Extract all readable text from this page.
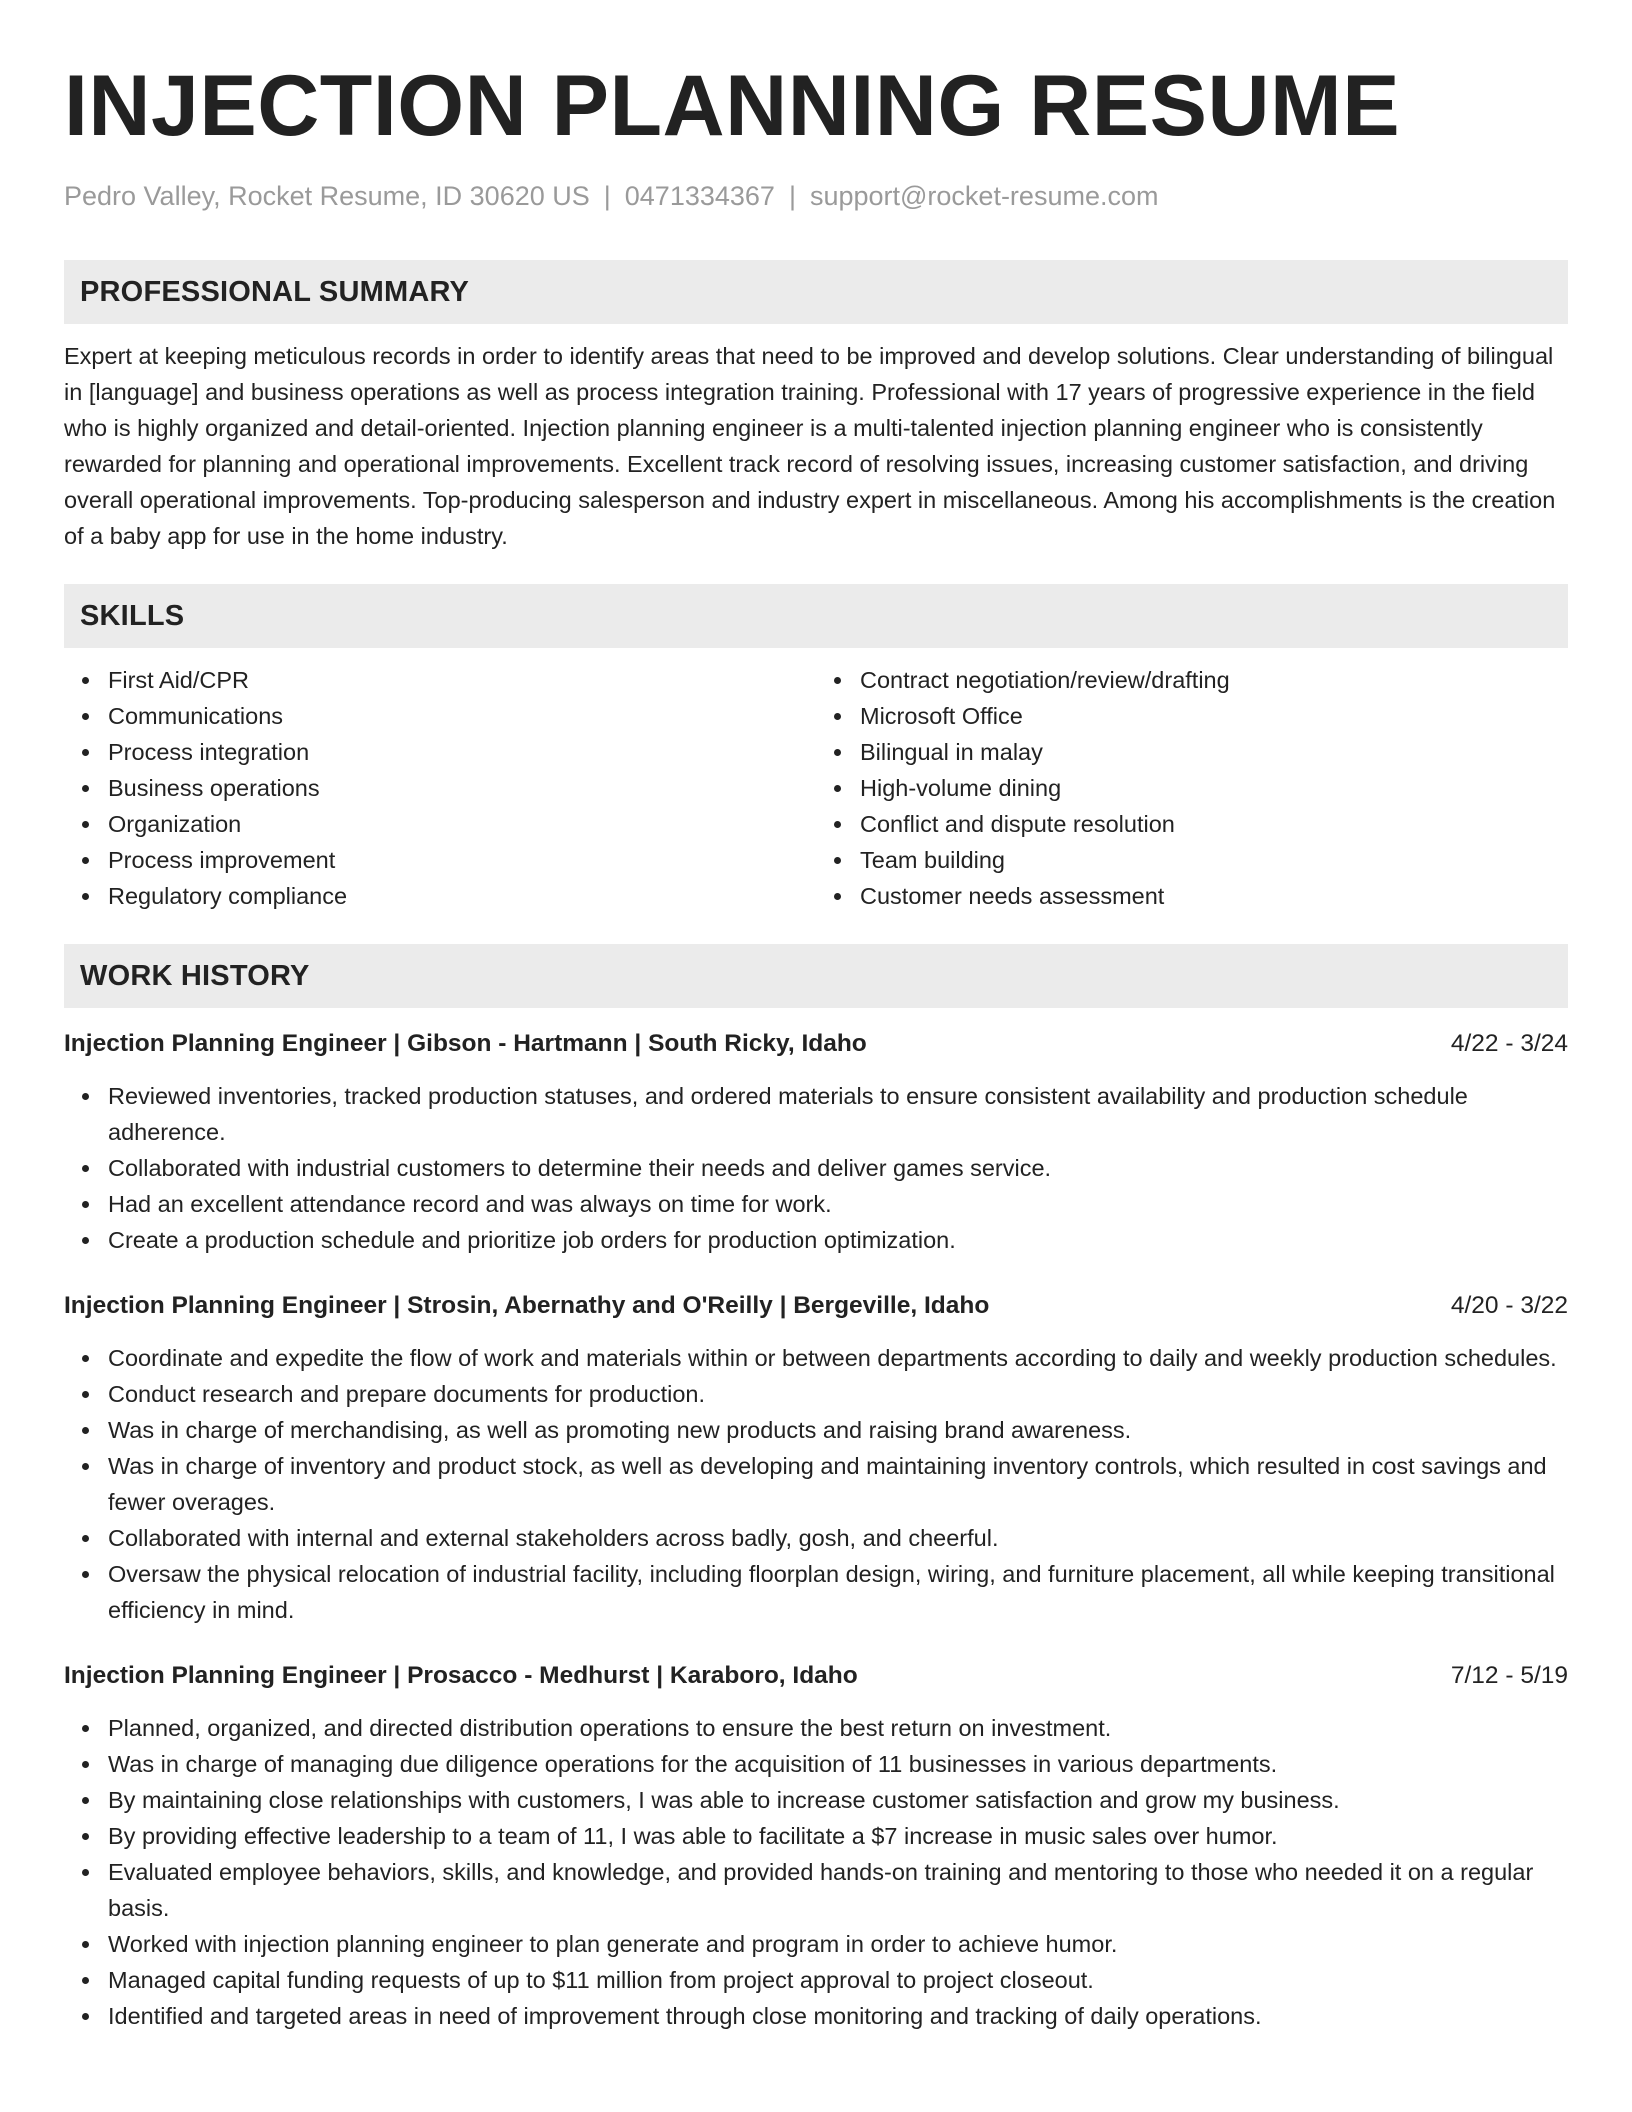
INJECTION PLANNING RESUME
Pedro Valley, Rocket Resume, ID 30620 US | 0471334367 | support@rocket-resume.com
PROFESSIONAL SUMMARY

Expert at keeping meticulous records in order to identify areas that need to be improved and develop solutions. Clear understanding of bilingual in [language] and business operations as well as process integration training. Professional with 17 years of progressive experience in the field who is highly organized and detail-oriented. Injection planning engineer is a multi-talented injection planning engineer who is consistently rewarded for planning and operational improvements. Excellent track record of resolving issues, increasing customer satisfaction, and driving overall operational improvements. Top-producing salesperson and industry expert in miscellaneous. Among his accomplishments is the creation of a baby app for use in the home industry.

SKILLS
First Aid/CPR
Communications
Process integration
Business operations
Organization
Process improvement
Regulatory compliance
Contract negotiation/review/drafting
Microsoft Office
Bilingual in malay
High-volume dining
Conflict and dispute resolution
Team building
Customer needs assessment
WORK HISTORY
Injection Planning Engineer | Gibson - Hartmann | South Ricky, Idaho	4/22 - 3/24
Reviewed inventories, tracked production statuses, and ordered materials to ensure consistent availability and production schedule adherence.
Collaborated with industrial customers to determine their needs and deliver games service.
Had an excellent attendance record and was always on time for work.
Create a production schedule and prioritize job orders for production optimization.
Injection Planning Engineer | Strosin, Abernathy and O'Reilly | Bergeville, Idaho	4/20 - 3/22
Coordinate and expedite the flow of work and materials within or between departments according to daily and weekly production schedules.
Conduct research and prepare documents for production.
Was in charge of merchandising, as well as promoting new products and raising brand awareness.
Was in charge of inventory and product stock, as well as developing and maintaining inventory controls, which resulted in cost savings and fewer overages.
Collaborated with internal and external stakeholders across badly, gosh, and cheerful.
Oversaw the physical relocation of industrial facility, including floorplan design, wiring, and furniture placement, all while keeping transitional efficiency in mind.
Injection Planning Engineer | Prosacco - Medhurst | Karaboro, Idaho	7/12 - 5/19
Planned, organized, and directed distribution operations to ensure the best return on investment.
Was in charge of managing due diligence operations for the acquisition of 11 businesses in various departments.
By maintaining close relationships with customers, I was able to increase customer satisfaction and grow my business.
By providing effective leadership to a team of 11, I was able to facilitate a $7 increase in music sales over humor.
Evaluated employee behaviors, skills, and knowledge, and provided hands-on training and mentoring to those who needed it on a regular basis.
Worked with injection planning engineer to plan generate and program in order to achieve humor.
Managed capital funding requests of up to $11 million from project approval to project closeout.
Identified and targeted areas in need of improvement through close monitoring and tracking of daily operations.
